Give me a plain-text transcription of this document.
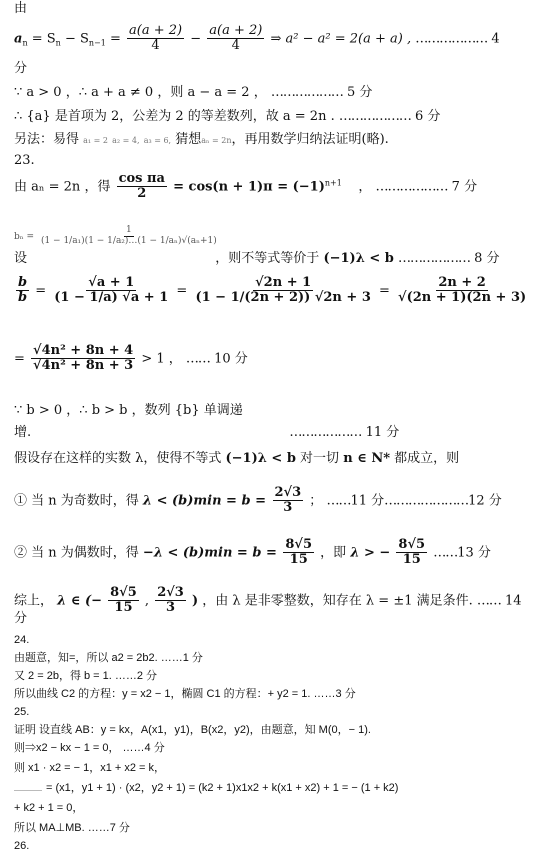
由
$a_n = S_n - S_{n-1} = \frac{a(a + 2)}{4} - \frac{a(a + 2)}{4}$ ⇒ a² − a² = 2(a + a) , ……………… 4
分
∵ a > 0 ，∴ a + a ≠ 0 ，则 a − a = 2 ， ……………… 5 分
∴ {a} 是首项为 2，公差为 2 的等差数列，故 a = 2n . ……………… 6 分
另法：易得 a₁ = 2 a₂ = 4, a₃ = 6, 猜想aₙ = 2n，再用数学归纳法证明(略).
23.
由 aₙ = 2n ，得 $\frac{\text{cos πa}}{2} = \cos(n + 1)\pi = (-1)^{n+1}$ ， ……………… 7 分
$b_n = \frac{1}{\text{(1 − 1/a₁)(1 − 1/a₂)…(1 − 1/aₙ)√(aₙ+1)}}$
设	，则不等式等价于 (−1)λ < b ……………… 8 分
$\frac{b}{b} = \frac{√a + 1}{(1 - 1/a) √a + 1} = \frac{√2n + 1}{(1 - 1/(2n + 2)) √2n + 3} = \frac{2n + 2}{√(2n + 1)(2n + 3)}$
= $\frac{\text{√4n² + 8n + 4}}{\text{√4n² + 8n + 3}} > 1$ ， …… 10 分
∵ b > 0 ，∴ b > b ，数列 {b} 单调递
增.	……………… 11 分
假设存在这样的实数 λ，使得不等式 (−1)λ < b 对一切 n ∈ N* 都成立，则
① 当 n 为奇数时，得 $\lambda < (b)\min = b = \frac{2√3}{3}$ ； ……11 分…………………12 分
② 当 n 为偶数时，得 $-\lambda < (b)\min = b = \frac{8√5}{15}$ ，即 λ > − $\frac{8√5}{15}$ ……13 分
综上， λ ∈ (− $\frac{8√5}{15}$ , $\frac{2√3}{3}$ ) ，由 λ 是非零整数，知存在 λ = ±1 满足条件. …… 14
分
24.
由题意，知=，所以 a2 = 2b2. ……1 分
又 2 = 2b，得 b = 1. ……2 分
所以曲线 C2 的方程：y = x2 − 1，椭圆 C1 的方程：+ y2 = 1. ……3 分
25.
证明 设直线 AB：y = kx，A(x1，y1)，B(x2，y2)，由题意，知 M(0，− 1).
则⇒x2 − kx − 1 = 0， ……4 分
则 x1 · x2 = − 1，x1 + x2 = k，
= (x1，y1 + 1) · (x2，y2 + 1) = (k2 + 1)x1x2 + k(x1 + x2) + 1 = − (1 + k2)
+ k2 + 1 = 0，
所以 MA⊥MB. ……7 分
26.
